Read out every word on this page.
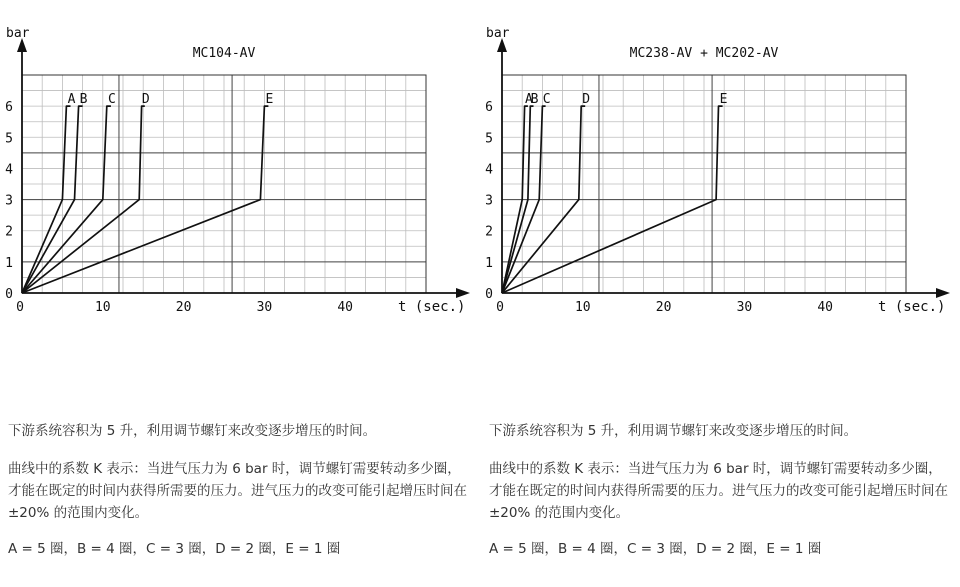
MC104-AV
bar
t (sec.)
0
1
2
3
4
5
6
0	10	20	30	40
A B C D	E
MC238-AV + MC202-AV
bar
t (sec.)
0
1
2
3
4
5
6
0	10	20	30	40
A
B C D	E

下游系统容积为 5 升，利用调节螺钉来改变逐步增压的时间。

曲线中的系数 K 表示：当进气压力为 6 bar 时，调节螺钉需要转动多少圈，才能在既定的时间内获得所需要的压力。进气压力的改变可能引起增压时间在 ±20% 的范围内变化。

A = 5 圈，B = 4 圈，C = 3 圈，D = 2 圈，E = 1 圈

下游系统容积为 5 升，利用调节螺钉来改变逐步增压的时间。

曲线中的系数 K 表示：当进气压力为 6 bar 时，调节螺钉需要转动多少圈，才能在既定的时间内获得所需要的压力。进气压力的改变可能引起增压时间在 ±20% 的范围内变化。

A = 5 圈，B = 4 圈，C = 3 圈，D = 2 圈，E = 1 圈
